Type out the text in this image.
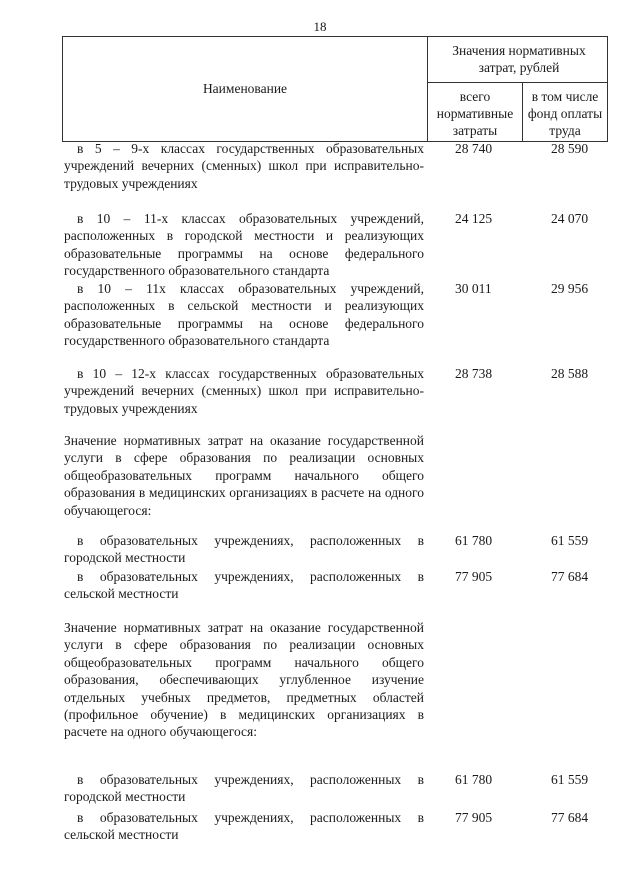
18
Наименование
Значения нормативных затрат, рублей
всего нормативные затраты
в том числе фонд оплаты труда
в 5 – 9-х классах государственных образовательных учреждений вечерних (сменных) школ при исправительно-трудовых учреждениях
28 740	28 590
в 10 – 11-х классах образовательных учреждений, расположенных в городской местности и реализующих образовательные программы на основе федерального государственного образовательного стандарта
24 125	24 070
в 10 – 11х классах образовательных учреждений, расположенных в сельской местности и реализующих образовательные программы на основе федерального государственного образовательного стандарта
30 011	29 956
в 10 – 12-х классах государственных образовательных учреждений вечерних (сменных) школ при исправительно-трудовых учреждениях
28 738	28 588
Значение нормативных затрат на оказание государственной услуги в сфере образования по реализации основных общеобразовательных программ начального общего образования в медицинских организациях в расчете на одного обучающегося:
в образовательных учреждениях, расположенных в городской местности
61 780	61 559
в образовательных учреждениях, расположенных в сельской местности
77 905	77 684
Значение нормативных затрат на оказание государственной услуги в сфере образования по реализации основных общеобразовательных программ начального общего образования, обеспечивающих углубленное изучение отдельных учебных предметов, предметных областей (профильное обучение) в медицинских организациях в расчете на одного обучающегося:
в образовательных учреждениях, расположенных в городской местности
61 780	61 559
в образовательных учреждениях, расположенных в сельской местности
77 905	77 684
